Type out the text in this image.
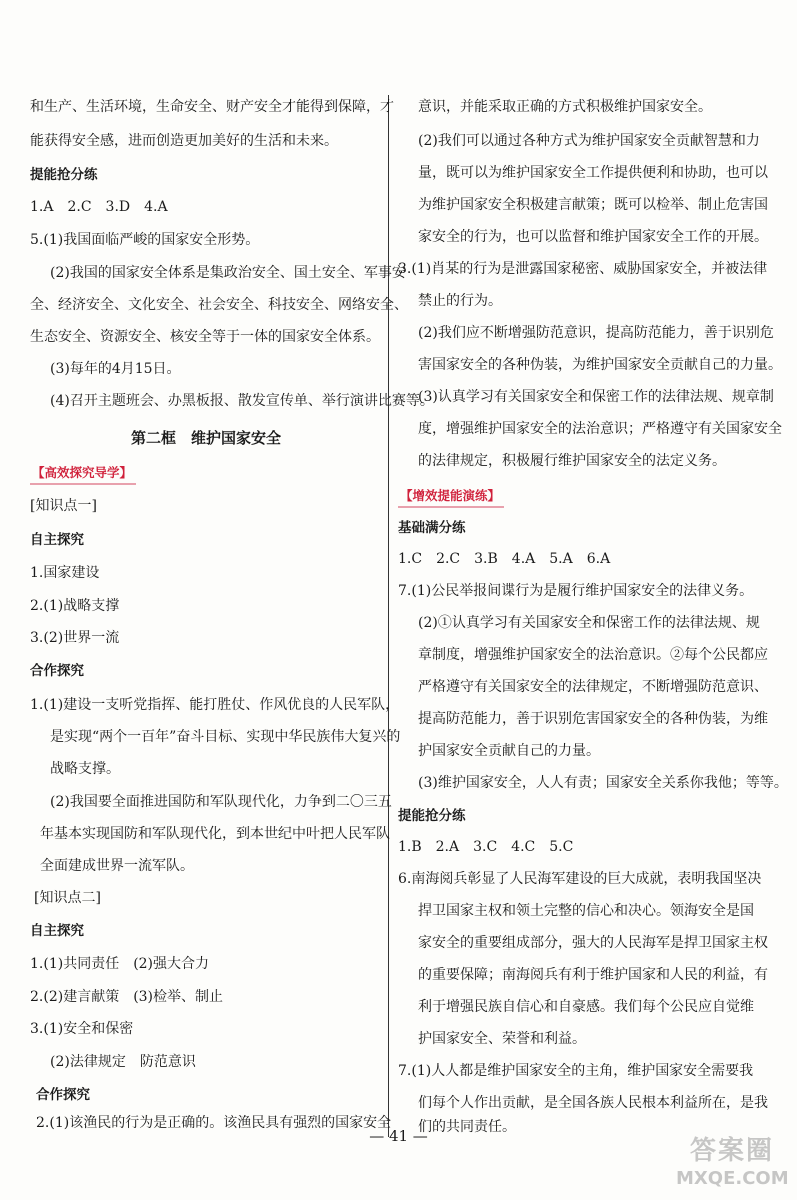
和生产、生活环境，生命安全、财产安全才能得到保障，才
能获得安全感，进而创造更加美好的生活和未来。
提能抢分练
1.A　2.C　3.D　4.A
5.(1)我国面临严峻的国家安全形势。
(2)我国的国家安全体系是集政治安全、国土安全、军事安
全、经济安全、文化安全、社会安全、科技安全、网络安全、
生态安全、资源安全、核安全等于一体的国家安全体系。
(3)每年的4月15日。
(4)召开主题班会、办黑板报、散发宣传单、举行演讲比赛等。
第二框　维护国家安全
【高效探究导学】
[知识点一]
自主探究
1.国家建设
2.(1)战略支撑
3.(2)世界一流
合作探究
1.(1)建设一支听党指挥、能打胜仗、作风优良的人民军队，
是实现“两个一百年”奋斗目标、实现中华民族伟大复兴的
战略支撑。
(2)我国要全面推进国防和军队现代化，力争到二〇三五
年基本实现国防和军队现代化，到本世纪中叶把人民军队
全面建成世界一流军队。
[知识点二]
自主探究
1.(1)共同责任　(2)强大合力
2.(2)建言献策　(3)检举、制止
3.(1)安全和保密
(2)法律规定　防范意识
合作探究
2.(1)该渔民的行为是正确的。该渔民具有强烈的国家安全
意识，并能采取正确的方式积极维护国家安全。
(2)我们可以通过各种方式为维护国家安全贡献智慧和力
量，既可以为维护国家安全工作提供便利和协助，也可以
为维护国家安全积极建言献策；既可以检举、制止危害国
家安全的行为，也可以监督和维护国家安全工作的开展。
3.(1)肖某的行为是泄露国家秘密、威胁国家安全，并被法律
禁止的行为。
(2)我们应不断增强防范意识，提高防范能力，善于识别危
害国家安全的各种伪装，为维护国家安全贡献自己的力量。
(3)认真学习有关国家安全和保密工作的法律法规、规章制
度，增强维护国家安全的法治意识；严格遵守有关国家安全
的法律规定，积极履行维护国家安全的法定义务。
【增效提能演练】
基础满分练
1.C　2.C　3.B　4.A　5.A　6.A
7.(1)公民举报间谍行为是履行维护国家安全的法律义务。
(2)①认真学习有关国家安全和保密工作的法律法规、规
章制度，增强维护国家安全的法治意识。②每个公民都应
严格遵守有关国家安全的法律规定，不断增强防范意识、
提高防范能力，善于识别危害国家安全的各种伪装，为维
护国家安全贡献自己的力量。
(3)维护国家安全，人人有责；国家安全关系你我他；等等。
提能抢分练
1.B　2.A　3.C　4.C　5.C
6.南海阅兵彰显了人民海军建设的巨大成就，表明我国坚决
捍卫国家主权和领土完整的信心和决心。领海安全是国
家安全的重要组成部分，强大的人民海军是捍卫国家主权
的重要保障；南海阅兵有利于维护国家和人民的利益，有
利于增强民族自信心和自豪感。我们每个公民应自觉维
护国家安全、荣誉和利益。
7.(1)人人都是维护国家安全的主角，维护国家安全需要我
们每个人作出贡献，是全国各族人民根本利益所在，是我
们的共同责任。
— 41 —	答案圈
MXQE.COM
